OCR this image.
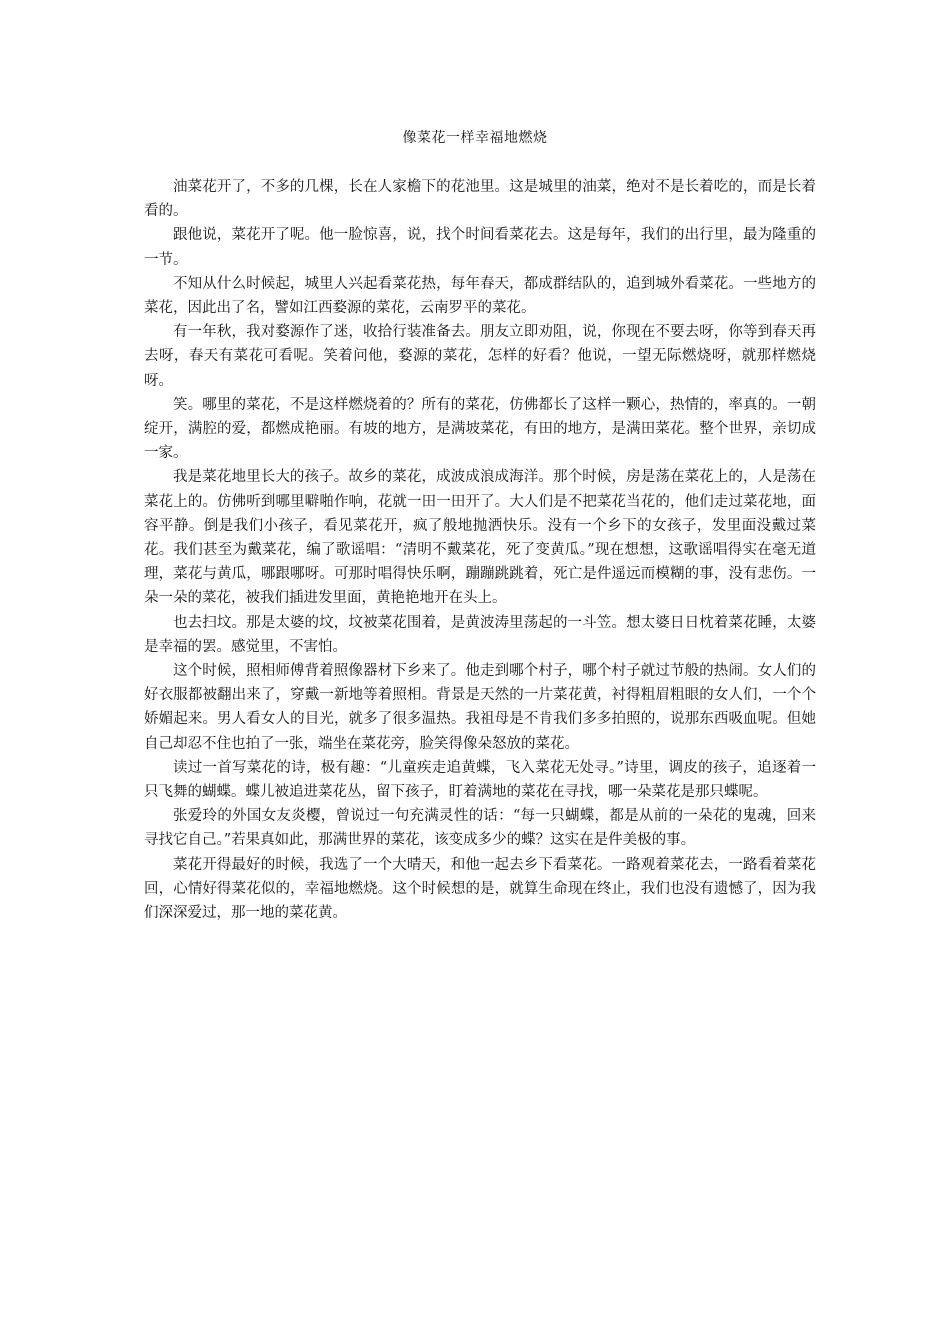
像菜花一样幸福地燃烧

油菜花开了，不多的几棵，长在人家檐下的花池里。这是城里的油菜，绝对不是长着吃的，而是长着看的。

跟他说，菜花开了呢。他一脸惊喜，说，找个时间看菜花去。这是每年，我们的出行里，最为隆重的一节。

不知从什么时候起，城里人兴起看菜花热，每年春天，都成群结队的，追到城外看菜花。一些地方的菜花，因此出了名，譬如江西婺源的菜花，云南罗平的菜花。

有一年秋，我对婺源作了迷，收拾行装准备去。朋友立即劝阻，说，你现在不要去呀，你等到春天再去呀，春天有菜花可看呢。笑着问他，婺源的菜花，怎样的好看？他说，一望无际燃烧呀，就那样燃烧呀。

笑。哪里的菜花，不是这样燃烧着的？所有的菜花，仿佛都长了这样一颗心，热情的，率真的。一朝绽开，满腔的爱，都燃成艳丽。有坡的地方，是满坡菜花，有田的地方，是满田菜花。整个世界，亲切成一家。

我是菜花地里长大的孩子。故乡的菜花，成波成浪成海洋。那个时候，房是荡在菜花上的，人是荡在菜花上的。仿佛听到哪里噼啪作响，花就一田一田开了。大人们是不把菜花当花的，他们走过菜花地，面容平静。倒是我们小孩子，看见菜花开，疯了般地抛洒快乐。没有一个乡下的女孩子，发里面没戴过菜花。我们甚至为戴菜花，编了歌谣唱：“清明不戴菜花，死了变黄瓜。”现在想想，这歌谣唱得实在毫无道理，菜花与黄瓜，哪跟哪呀。可那时唱得快乐啊，蹦蹦跳跳着，死亡是件遥远而模糊的事，没有悲伤。一朵一朵的菜花，被我们插进发里面，黄艳艳地开在头上。

也去扫坟。那是太婆的坟，坟被菜花围着，是黄波涛里荡起的一斗笠。想太婆日日枕着菜花睡，太婆是幸福的罢。感觉里，不害怕。

这个时候，照相师傅背着照像器材下乡来了。他走到哪个村子，哪个村子就过节般的热闹。女人们的好衣服都被翻出来了，穿戴一新地等着照相。背景是天然的一片菜花黄，衬得粗眉粗眼的女人们，一个个娇媚起来。男人看女人的目光，就多了很多温热。我祖母是不肯我们多多拍照的，说那东西吸血呢。但她自己却忍不住也拍了一张，端坐在菜花旁，脸笑得像朵怒放的菜花。

读过一首写菜花的诗，极有趣：“儿童疾走追黄蝶，飞入菜花无处寻。”诗里，调皮的孩子，追逐着一只飞舞的蝴蝶。蝶儿被追进菜花丛，留下孩子，盯着满地的菜花在寻找，哪一朵菜花是那只蝶呢。

张爱玲的外国女友炎樱，曾说过一句充满灵性的话：“每一只蝴蝶，都是从前的一朵花的鬼魂，回来寻找它自己。”若果真如此，那满世界的菜花，该变成多少的蝶？这实在是件美极的事。

菜花开得最好的时候，我选了一个大晴天，和他一起去乡下看菜花。一路观着菜花去，一路看着菜花回，心情好得菜花似的，幸福地燃烧。这个时候想的是，就算生命现在终止，我们也没有遗憾了，因为我们深深爱过，那一地的菜花黄。
